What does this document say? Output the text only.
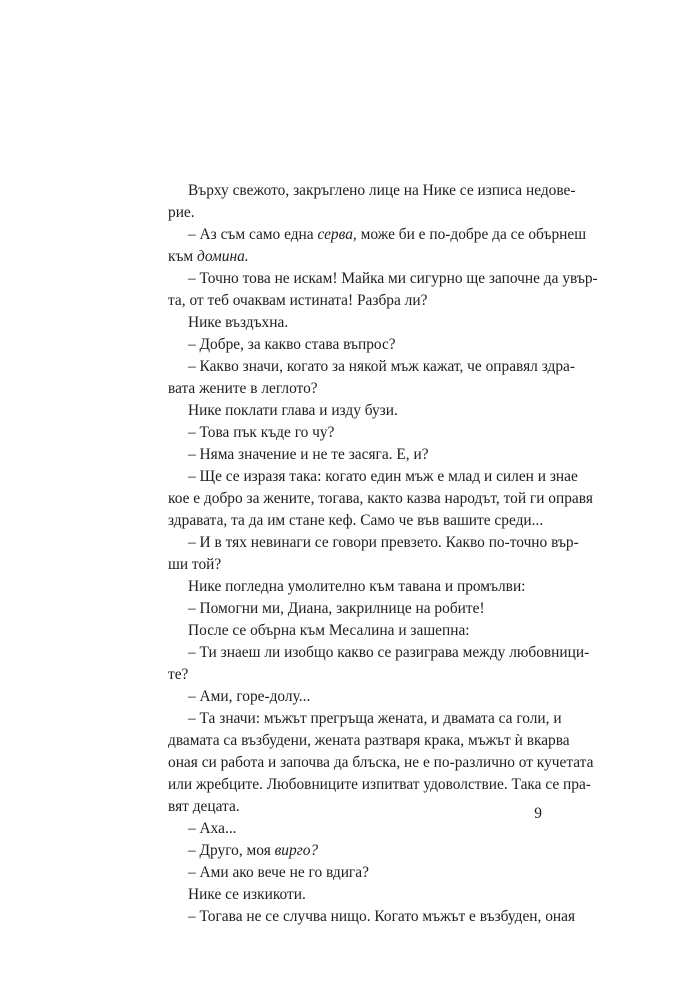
Върху свежото, закръглено лице на Нике се изписа недове-
рие.
– Аз съм само една серва, може би е по-добре да се обърнеш
към домина.
– Точно това не искам! Майка ми сигурно ще започне да увър-
та, от теб очаквам истината! Разбра ли?
Нике въздъхна.
– Добре, за какво става въпрос?
– Какво значи, когато за някой мъж кажат, че оправял здра-
вата жените в леглото?
Нике поклати глава и изду бузи.
– Това пък къде го чу?
– Няма значение и не те засяга. Е, и?
– Ще се изразя така: когато един мъж е млад и силен и знае
кое е добро за жените, тогава, както казва народът, той ги оправя
здравата, та да им стане кеф. Само че във вашите среди...
– И в тях невинаги се говори превзето. Какво по-точно вър-
ши той?
Нике погледна умолително към тавана и промълви:
– Помогни ми, Диана, закрилнице на робите!
После се обърна към Месалина и зашепна:
– Ти знаеш ли изобщо какво се разиграва между любовници-
те?
– Ами, горе-долу...
– Та значи: мъжът прегръща жената, и двамата са голи, и
двамата са възбудени, жената разтваря крака, мъжът ѝ вкарва
оная си работа и започва да блъска, не е по-различно от кучетата
или жребците. Любовниците изпитват удоволствие. Така се пра-
вят децата.
– Аха...
– Друго, моя вирго?
– Ами ако вече не го вдига?
Нике се изкикоти.
– Тогава не се случва нищо. Когато мъжът е възбуден, оная
9
